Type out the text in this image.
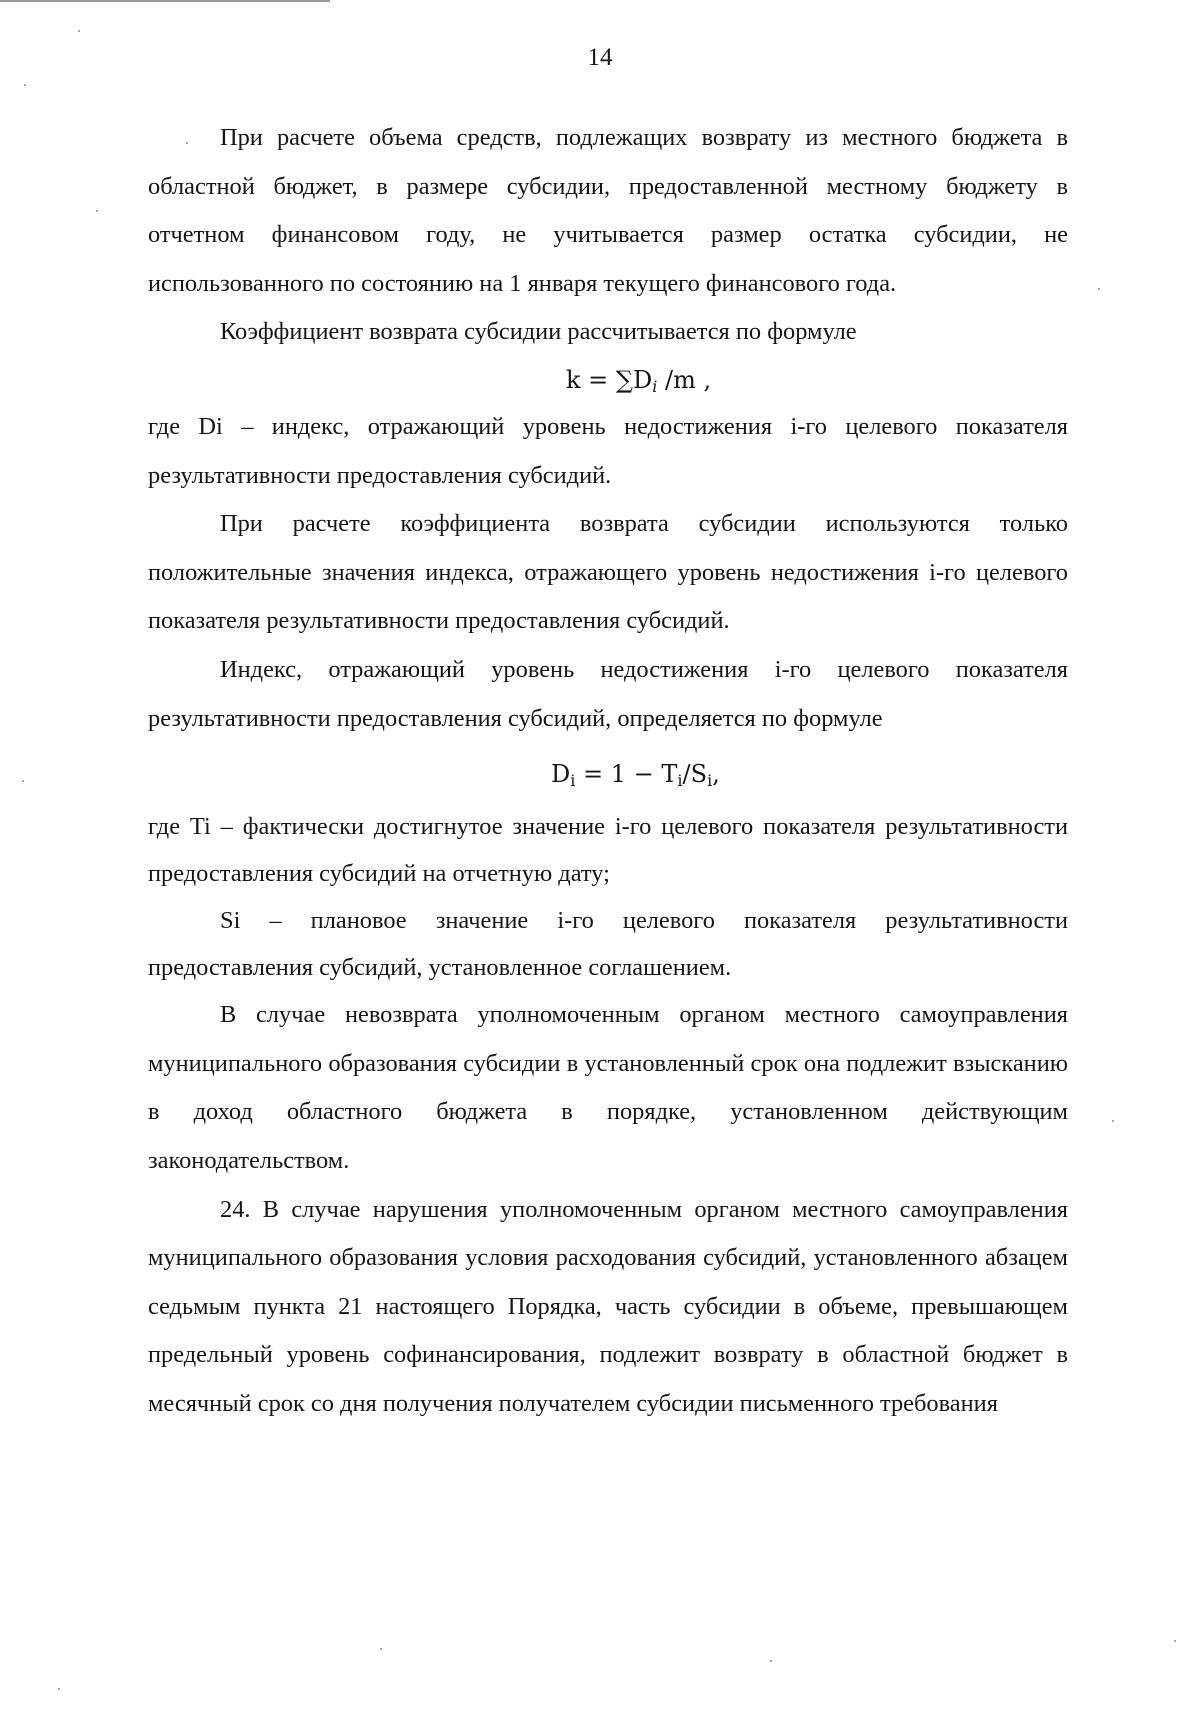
14

При расчете объема средств, подлежащих возврату из местного бюджета в областной бюджет, в размере субсидии, предоставленной местному бюджету в отчетном финансовом году, не учитывается размер остатка субсидии, не использованного по состоянию на 1 января текущего финансового года.

Коэффициент возврата субсидии рассчитывается по формуле

$k = \sum D_i$ /m ,

где Di – индекс, отражающий уровень недостижения i-го целевого показателя результативности предоставления субсидий.

При расчете коэффициента возврата субсидии используются только положительные значения индекса, отражающего уровень недостижения i-го целевого показателя результативности предоставления субсидий.

Индекс, отражающий уровень недостижения i-го целевого показателя результативности предоставления субсидий, определяется по формуле

$D_i = 1 - T_i/S_i$,

где Ti – фактически достигнутое значение i-го целевого показателя результативности предоставления субсидий на отчетную дату;

Si – плановое значение i-го целевого показателя результативности предоставления субсидий, установленное соглашением.

В случае невозврата уполномоченным органом местного самоуправления муниципального образования субсидии в установленный срок она подлежит взысканию в доход областного бюджета в порядке, установленном действующим законодательством.

24. В случае нарушения уполномоченным органом местного самоуправления муниципального образования условия расходования субсидий, установленного абзацем седьмым пункта 21 настоящего Порядка, часть субсидии в объеме, превышающем предельный уровень софинансирования, подлежит возврату в областной бюджет в месячный срок со дня получения получателем субсидии письменного требования
